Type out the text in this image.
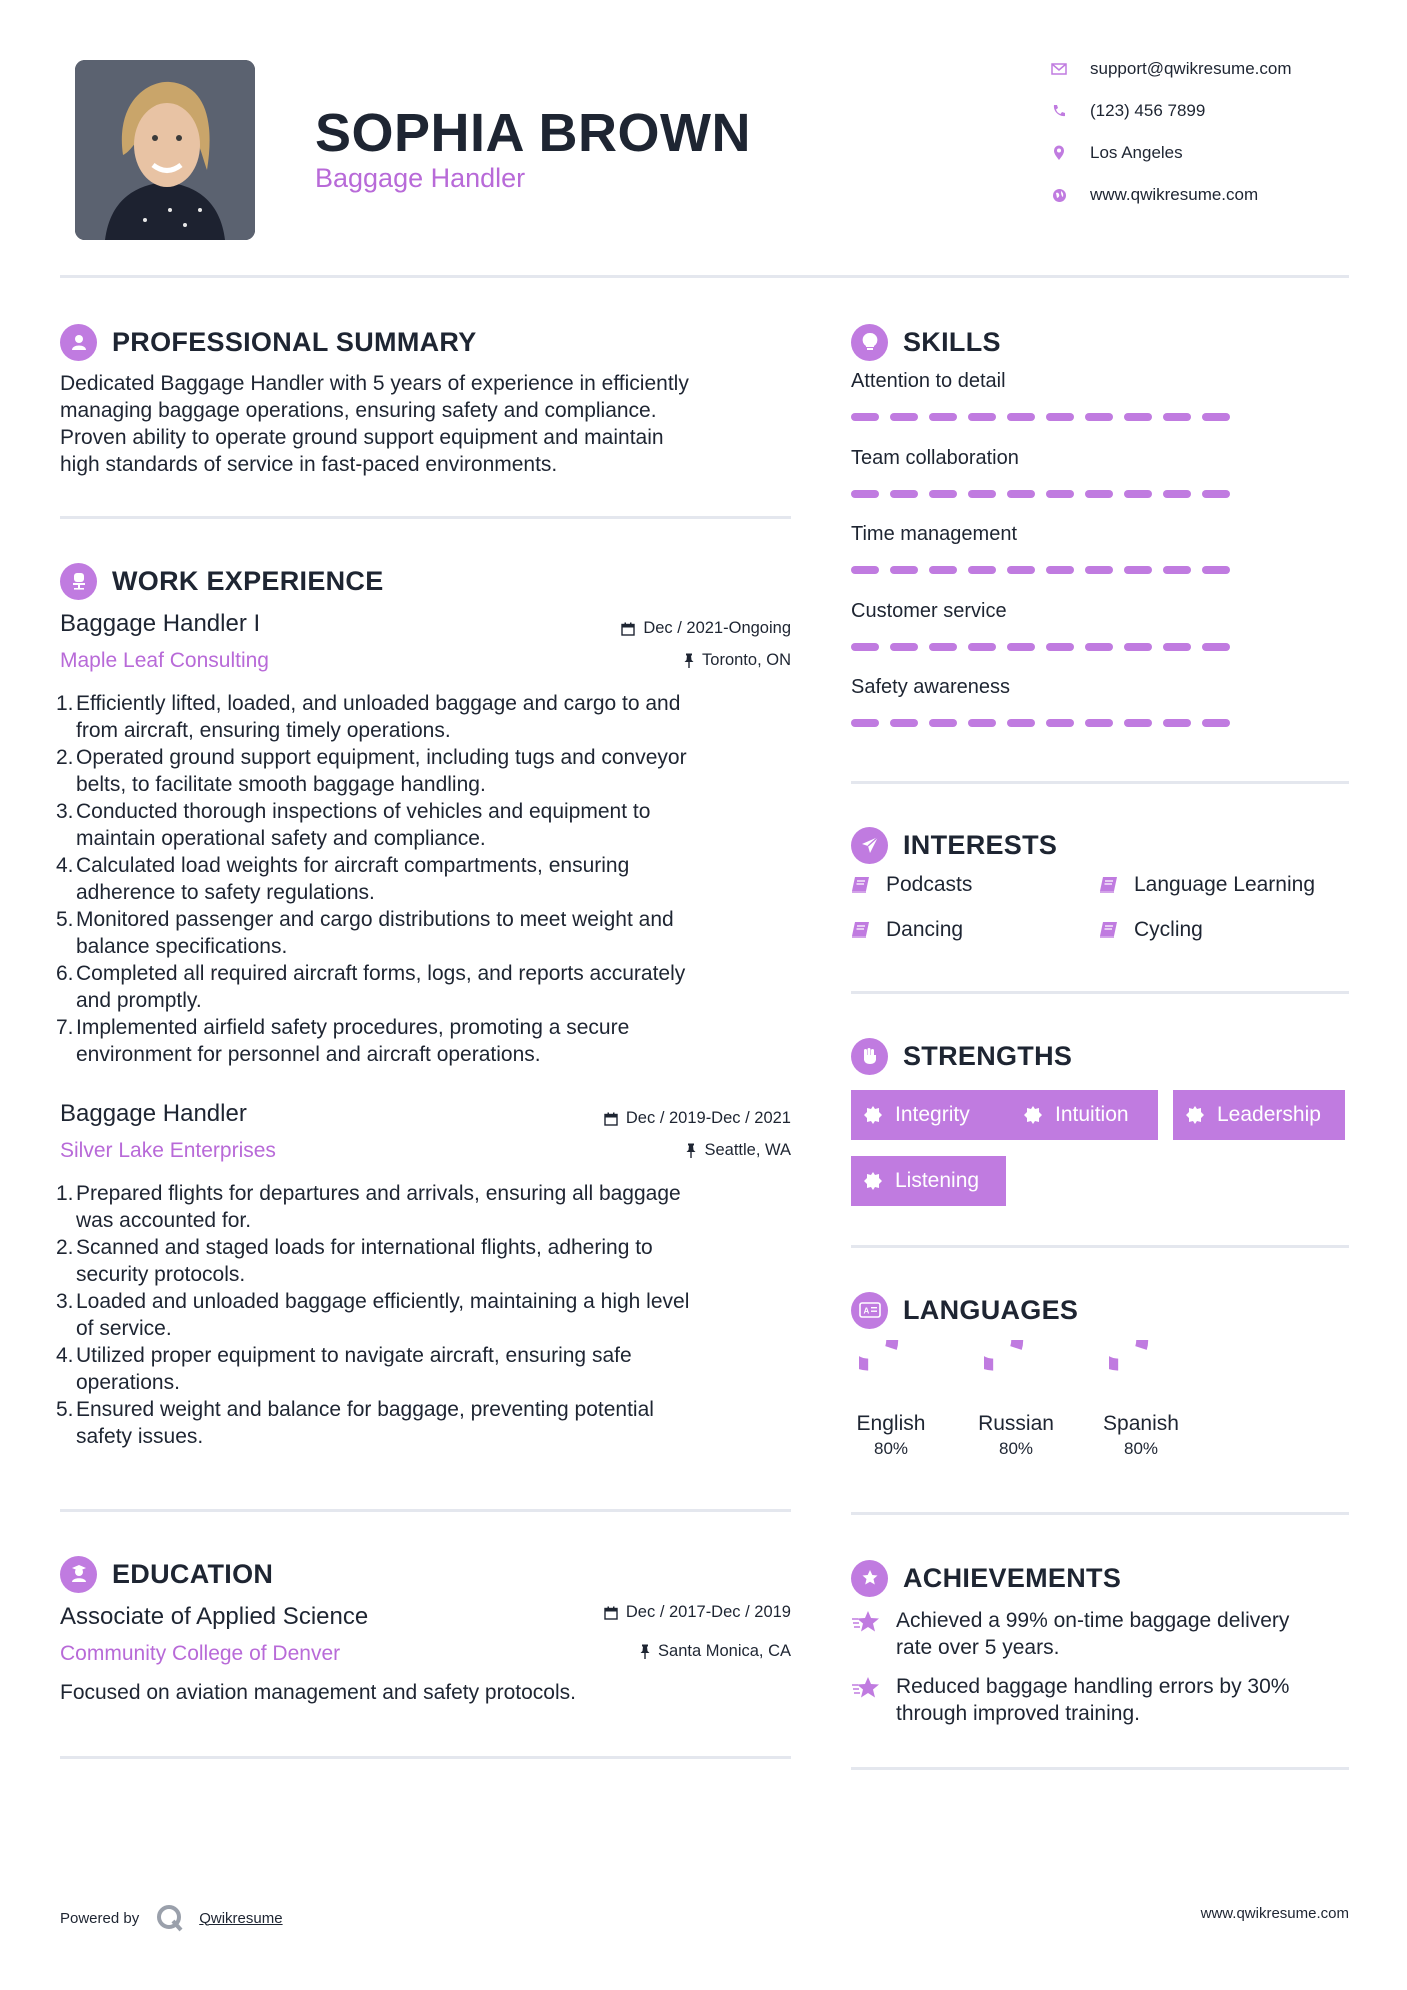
SOPHIA BROWN
Baggage Handler
support@qwikresume.com
(123) 456 7899
Los Angeles
www.qwikresume.com
PROFESSIONAL SUMMARY
Dedicated Baggage Handler with 5 years of experience in efficiently
managing baggage operations, ensuring safety and compliance.
Proven ability to operate ground support equipment and maintain
high standards of service in fast-paced environments.
WORK EXPERIENCE
Baggage Handler I
Maple Leaf Consulting
Dec / 2021-Ongoing
Toronto, ON
1. Efficiently lifted, loaded, and unloaded baggage and cargo to and
from aircraft, ensuring timely operations.
2. Operated ground support equipment, including tugs and conveyor
belts, to facilitate smooth baggage handling.
3. Conducted thorough inspections of vehicles and equipment to
maintain operational safety and compliance.
4. Calculated load weights for aircraft compartments, ensuring
adherence to safety regulations.
5. Monitored passenger and cargo distributions to meet weight and
balance specifications.
6. Completed all required aircraft forms, logs, and reports accurately
and promptly.
7. Implemented airfield safety procedures, promoting a secure
environment for personnel and aircraft operations.
Baggage Handler
Silver Lake Enterprises
Dec / 2019-Dec / 2021
Seattle, WA
1. Prepared flights for departures and arrivals, ensuring all baggage
was accounted for.
2. Scanned and staged loads for international flights, adhering to
security protocols.
3. Loaded and unloaded baggage efficiently, maintaining a high level
of service.
4. Utilized proper equipment to navigate aircraft, ensuring safe
operations.
5. Ensured weight and balance for baggage, preventing potential
safety issues.
EDUCATION
Associate of Applied Science
Community College of Denver
Dec / 2017-Dec / 2019
Santa Monica, CA
Focused on aviation management and safety protocols.
SKILLS
Attention to detail
Team collaboration
Time management
Customer service
Safety awareness
INTERESTS
Podcasts	Language Learning
Dancing	Cycling
STRENGTHS
Integrity	Intuition	Leadership
Listening
A LANGUAGES
English
80%
Russian
80%
Spanish
80%
ACHIEVEMENTS
Achieved a 99% on-time baggage delivery
rate over 5 years.
Reduced baggage handling errors by 30%
through improved training.
Powered by	Qwikresume	www.qwikresume.com
